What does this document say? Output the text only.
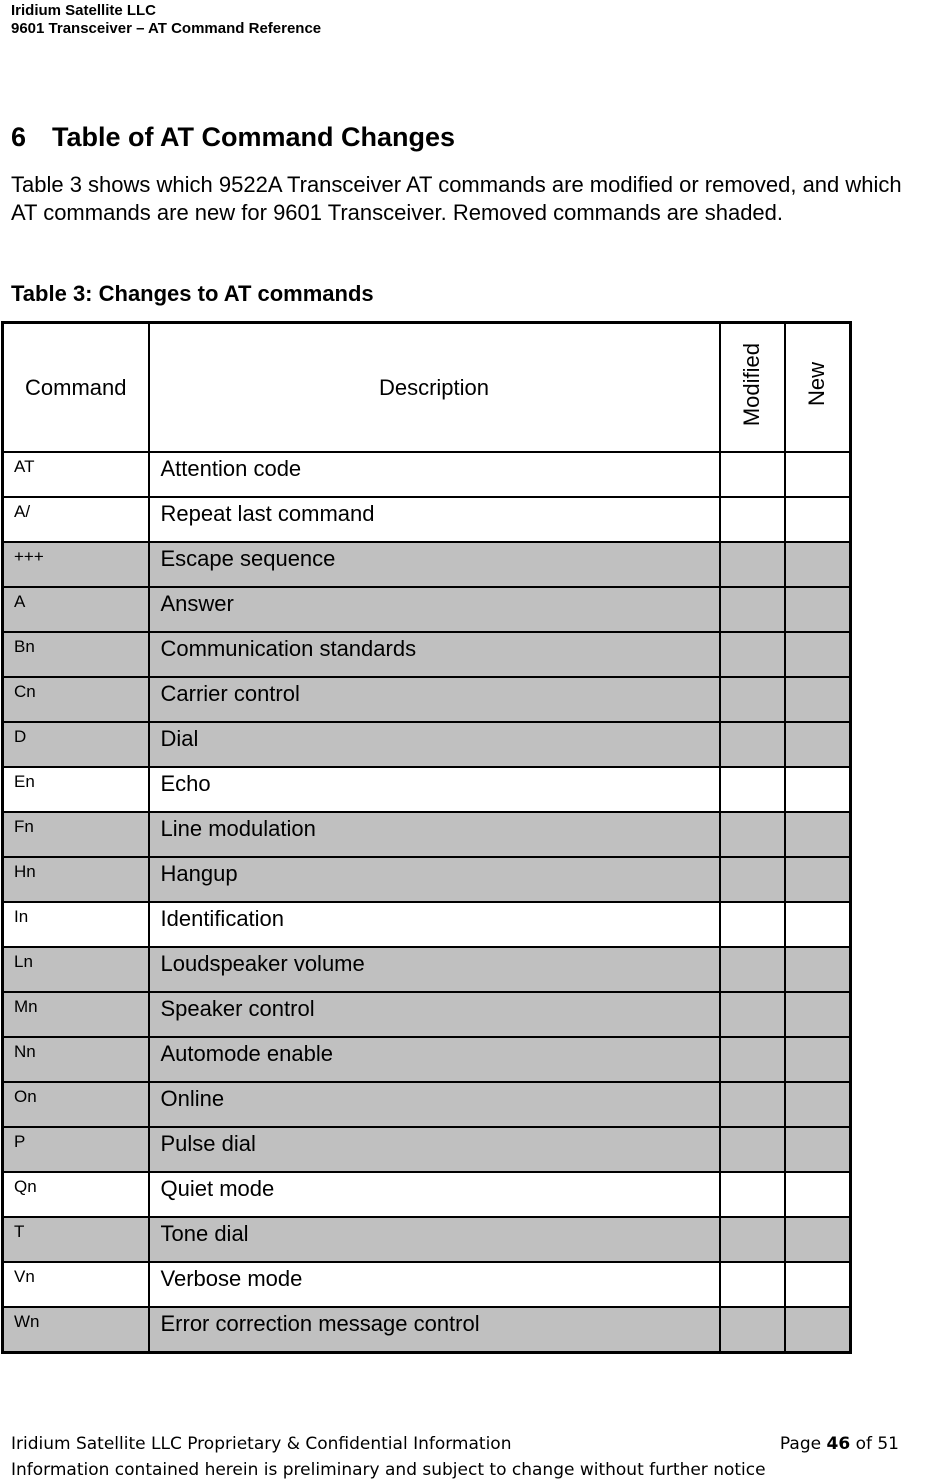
Iridium Satellite LLC
9601 Transceiver – AT Command Reference
6 Table of AT Command Changes
Table 3 shows which 9522A Transceiver AT commands are modified or removed, and which AT commands are new for 9601 Transceiver. Removed commands are shaded.
Table 3: Changes to AT commands
Command	Description	Modified	New
AT	Attention code		
A/	Repeat last command		
+++	Escape sequence		
A	Answer		
Bn	Communication standards		
Cn	Carrier control		
D	Dial		
En	Echo		
Fn	Line modulation		
Hn	Hangup		
In	Identification		
Ln	Loudspeaker volume		
Mn	Speaker control		
Nn	Automode enable		
On	Online		
P	Pulse dial		
Qn	Quiet mode		
T	Tone dial		
Vn	Verbose mode		
Wn	Error correction message control		
Iridium Satellite LLC Proprietary & Confidential Information	Page 46 of 51
Information contained herein is preliminary and subject to change without further notice
